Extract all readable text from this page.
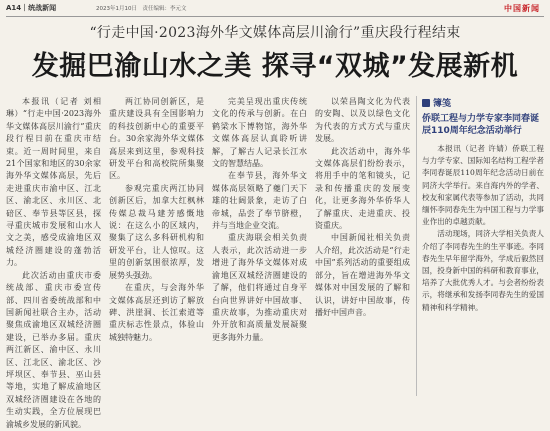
A14｜统战新闻	2023年1月10日　责任编辑：李元文	中国新闻
“行走中国·2023海外华文媒体高层川渝行”重庆段行程结束
发掘巴渝山水之美 探寻“双城”发展新机

本报讯（记者 刘相琳）“行走中国·2023海外华文媒体高层川渝行”重庆段行程日前在重庆市结束。近一周时间里，来自21个国家和地区的30余家海外华文媒体高层，先后走进重庆市渝中区、江北区、渝北区、永川区、北碚区、奉节县等区县，探寻重庆城市发展和山水人文之美，感受成渝地区双城经济圈建设的蓬勃活力。

此次活动由重庆市委统战部、重庆市委宣传部、四川省委统战部和中国新闻社联合主办，活动聚焦成渝地区双城经济圈建设，已举办多届。重庆两江新区、渝中区、永川区、江北区、渝北区、沙坪坝区、奉节县、巫山县等地，实地了解成渝地区双城经济圈建设在各地的生动实践，全方位展现巴渝城乡发展的新风貌。

两江协同创新区，是重庆建设具有全国影响力的科技创新中心的重要平台。30余家海外华文媒体高层来到这里，参观科技研发平台和高校院所集聚区。

参观完重庆两江协同创新区后，加拿大红枫林传媒总裁马建芳感慨地说：在这么小的区域内，聚集了这么多科研机构和研发平台，让人惊叹。这里的创新氛围很浓厚，发展势头强劲。

在重庆，与会海外华文媒体高层还到访了解放碑、洪崖洞、长江索道等重庆标志性景点，体验山城独特魅力。

完美呈现出重庆传统文化的传承与创新。在白鹤梁水下博物馆，海外华文媒体高层认真聆听讲解，了解古人记录长江水文的智慧结晶。

在奉节县，海外华文媒体高层领略了夔门天下雄的壮阔景象，走访了白帝城，品尝了奉节脐橙，并与当地企业交流。

重庆海联会相关负责人表示，此次活动进一步增进了海外华文媒体对成渝地区双城经济圈建设的了解，他们将通过自身平台向世界讲好中国故事、重庆故事，为推动重庆对外开放和高质量发展凝聚更多海外力量。

以荣昌陶文化为代表的安陶、以及以绿色文化为代表的方式方式与重庆发展。

此次活动中，海外华文媒体高层们纷纷表示，将用手中的笔和镜头，记录和传播重庆的发展变化，让更多海外华侨华人了解重庆、走进重庆、投资重庆。

中国新闻社相关负责人介绍，此次活动是“行走中国”系列活动的重要组成部分，旨在增进海外华文媒体对中国发展的了解和认识，讲好中国故事，传播好中国声音。

簿笺
侨联工程与力学专家李同春诞辰110周年纪念活动举行

本报讯（记者 许婧）侨联工程与力学专家、国际知名结构工程学者李同春诞辰110周年纪念活动日前在同济大学举行。来自海内外的学者、校友和家属代表等参加了活动，共同缅怀李同春先生为中国工程与力学事业作出的卓越贡献。

活动现场，同济大学相关负责人介绍了李同春先生的生平事迹。李同春先生早年留学海外，学成后毅然回国，投身新中国的科研和教育事业，培养了大批优秀人才。与会者纷纷表示，将继承和发扬李同春先生的爱国精神和科学精神。
